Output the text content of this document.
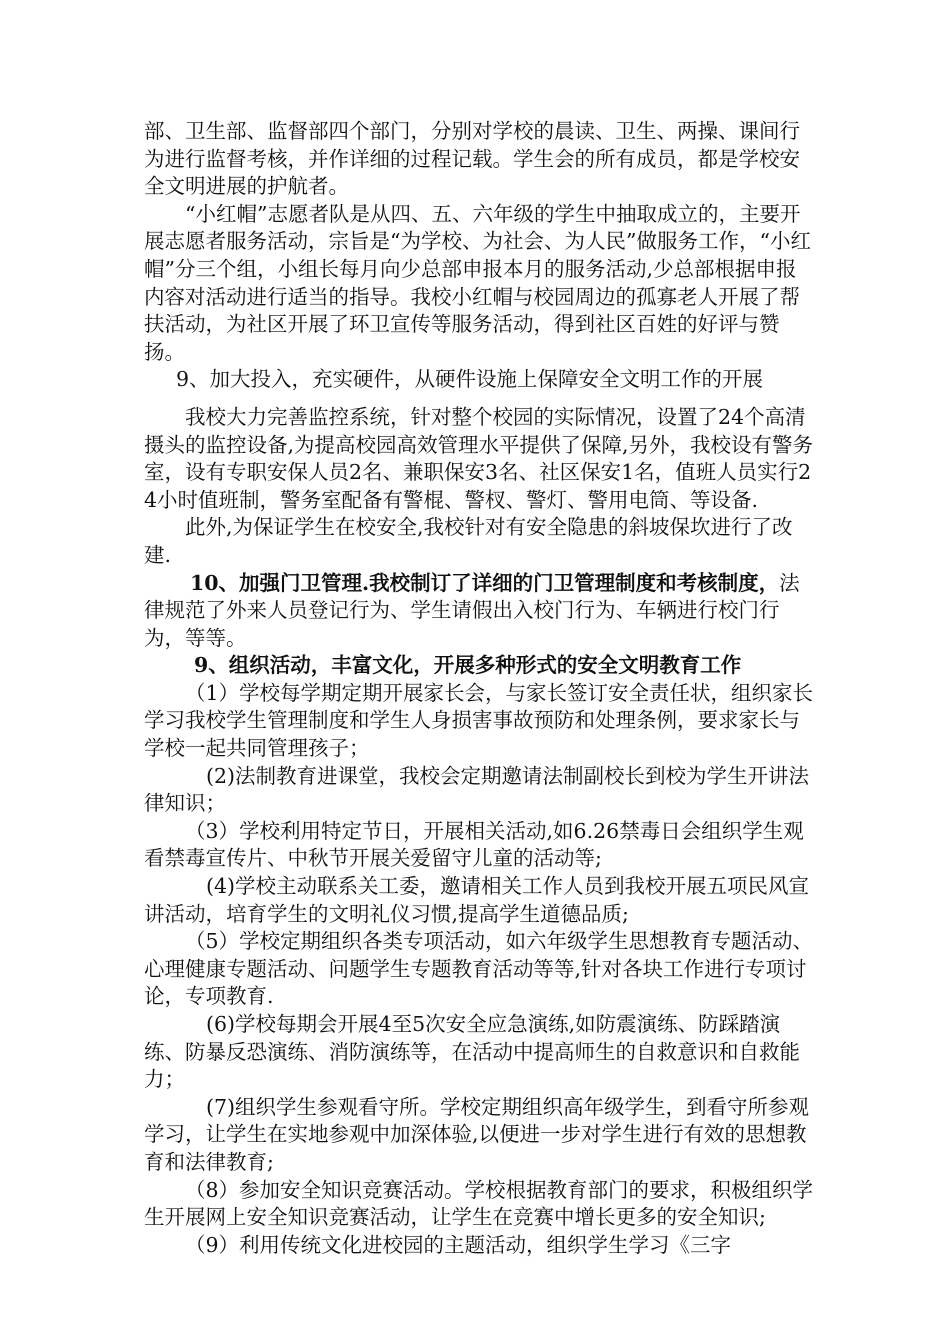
部、卫生部、监督部四个部门，分别对学校的晨读、卫生、两操、课间行为进行监督考核，并作详细的过程记载。学生会的所有成员，都是学校安全文明进展的护航者。

“小红帽”志愿者队是从四、五、六年级的学生中抽取成立的，主要开展志愿者服务活动，宗旨是“为学校、为社会、为人民”做服务工作，“小红帽”分三个组，小组长每月向少总部申报本月的服务活动,少总部根据申报内容对活动进行适当的指导。我校小红帽与校园周边的孤寡老人开展了帮扶活动，为社区开展了环卫宣传等服务活动，得到社区百姓的好评与赞扬。

9、加大投入，充实硬件，从硬件设施上保障安全文明工作的开展

我校大力完善监控系统，针对整个校园的实际情况，设置了24个高清摄头的监控设备,为提高校园高效管理水平提供了保障,另外，我校设有警务室，设有专职安保人员2名、兼职保安3名、社区保安1名，值班人员实行24小时值班制，警务室配备有警棍、警杈、警灯、警用电筒、等设备.

此外,为保证学生在校安全,我校针对有安全隐患的斜坡保坎进行了改建.

10、加强门卫管理.我校制订了详细的门卫管理制度和考核制度，法律规范了外来人员登记行为、学生请假出入校门行为、车辆进行校门行为，等等。

9、组织活动，丰富文化，开展多种形式的安全文明教育工作

（1）学校每学期定期开展家长会，与家长签订安全责任状，组织家长学习我校学生管理制度和学生人身损害事故预防和处理条例，要求家长与学校一起共同管理孩子；

(2)法制教育进课堂，我校会定期邀请法制副校长到校为学生开讲法律知识；

（3）学校利用特定节日，开展相关活动,如6.26禁毒日会组织学生观看禁毒宣传片、中秋节开展关爱留守儿童的活动等;

(4)学校主动联系关工委，邀请相关工作人员到我校开展五项民风宣讲活动，培育学生的文明礼仪习惯,提高学生道德品质;

（5）学校定期组织各类专项活动，如六年级学生思想教育专题活动、心理健康专题活动、问题学生专题教育活动等等,针对各块工作进行专项讨论，专项教育.

(6)学校每期会开展4至5次安全应急演练,如防震演练、防踩踏演练、防暴反恐演练、消防演练等，在活动中提高师生的自救意识和自救能力；

(7)组织学生参观看守所。学校定期组织高年级学生，到看守所参观学习，让学生在实地参观中加深体验,以便进一步对学生进行有效的思想教育和法律教育;

（8）参加安全知识竞赛活动。学校根据教育部门的要求，积极组织学生开展网上安全知识竞赛活动，让学生在竞赛中增长更多的安全知识;

（9）利用传统文化进校园的主题活动，组织学生学习《三字
